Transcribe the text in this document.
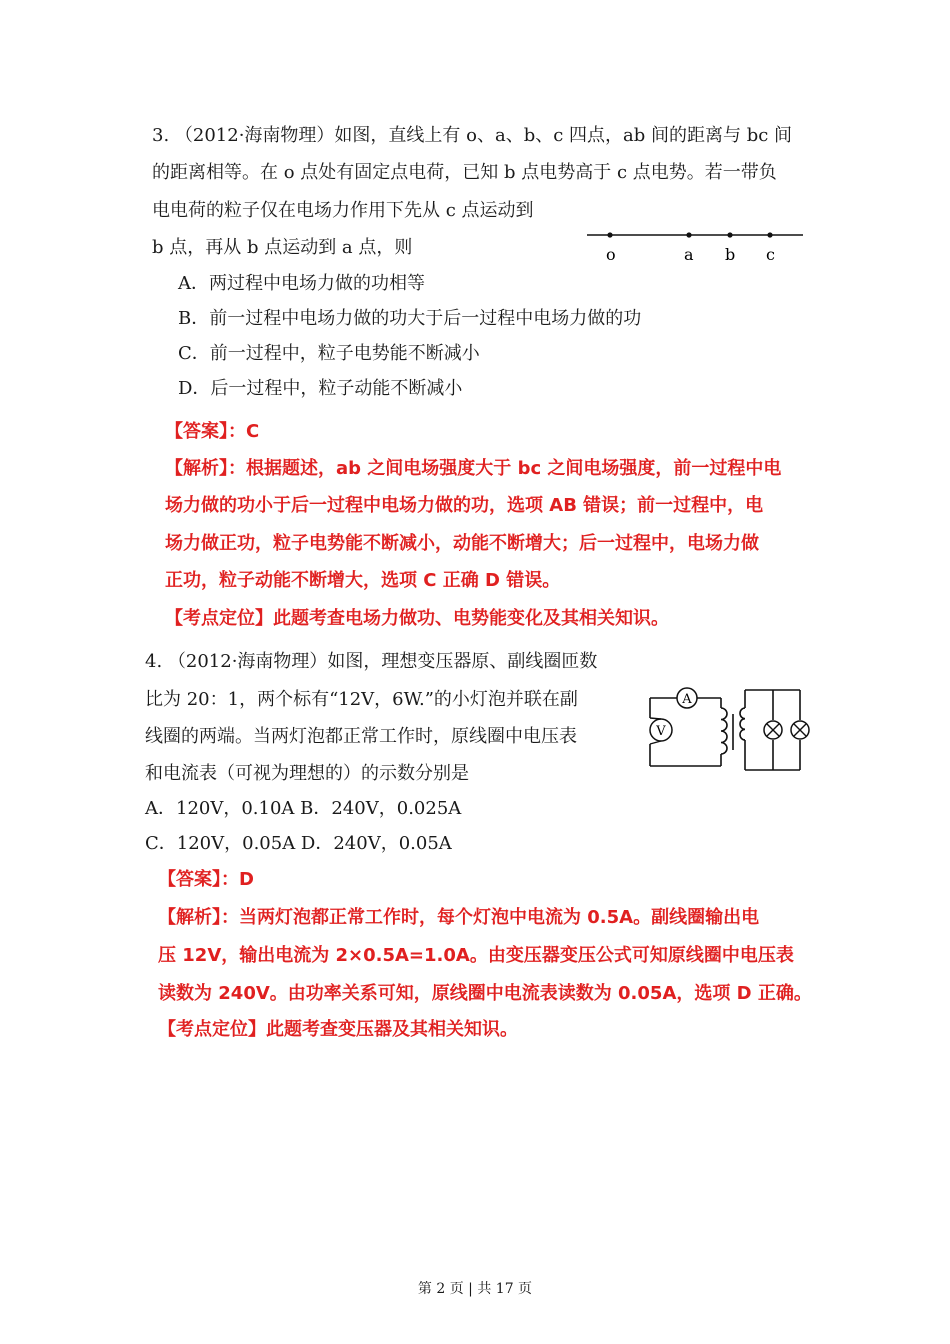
3. （2012·海南物理）如图，直线上有 o、a、b、c 四点，ab 间的距离与 bc 间
的距离相等。在 o 点处有固定点电荷，已知 b 点电势高于 c 点电势。若一带负
电电荷的粒子仅在电场力作用下先从 c 点运动到
b 点，再从 b 点运动到 a 点，则	o	a b c
A．两过程中电场力做的功相等
B．前一过程中电场力做的功大于后一过程中电场力做的功
C．前一过程中，粒子电势能不断减小
D．后一过程中，粒子动能不断减小
【答案】：C
【解析】：根据题述，ab 之间电场强度大于 bc 之间电场强度，前一过程中电
场力做的功小于后一过程中电场力做的功，选项 AB 错误；前一过程中，电
场力做正功，粒子电势能不断减小，动能不断增大；后一过程中，电场力做
正功，粒子动能不断增大，选项 C 正确 D 错误。
【考点定位】此题考查电场力做功、电势能变化及其相关知识。
4. （2012·海南物理）如图，理想变压器原、副线圈匝数
比为 20：1，两个标有“12V，6W.”的小灯泡并联在副
线圈的两端。当两灯泡都正常工作时，原线圈中电压表
和电流表（可视为理想的）的示数分别是
A
V
A．120V，0.10A B．240V，0.025A
C．120V，0.05A D．240V，0.05A
【答案】：D
【解析】：当两灯泡都正常工作时，每个灯泡中电流为 0.5A。副线圈输出电
压 12V，输出电流为 2×0.5A=1.0A。由变压器变压公式可知原线圈中电压表
读数为 240V。由功率关系可知，原线圈中电流表读数为 0.05A，选项 D 正确。
【考点定位】此题考查变压器及其相关知识。
第 2 页 | 共 17 页
